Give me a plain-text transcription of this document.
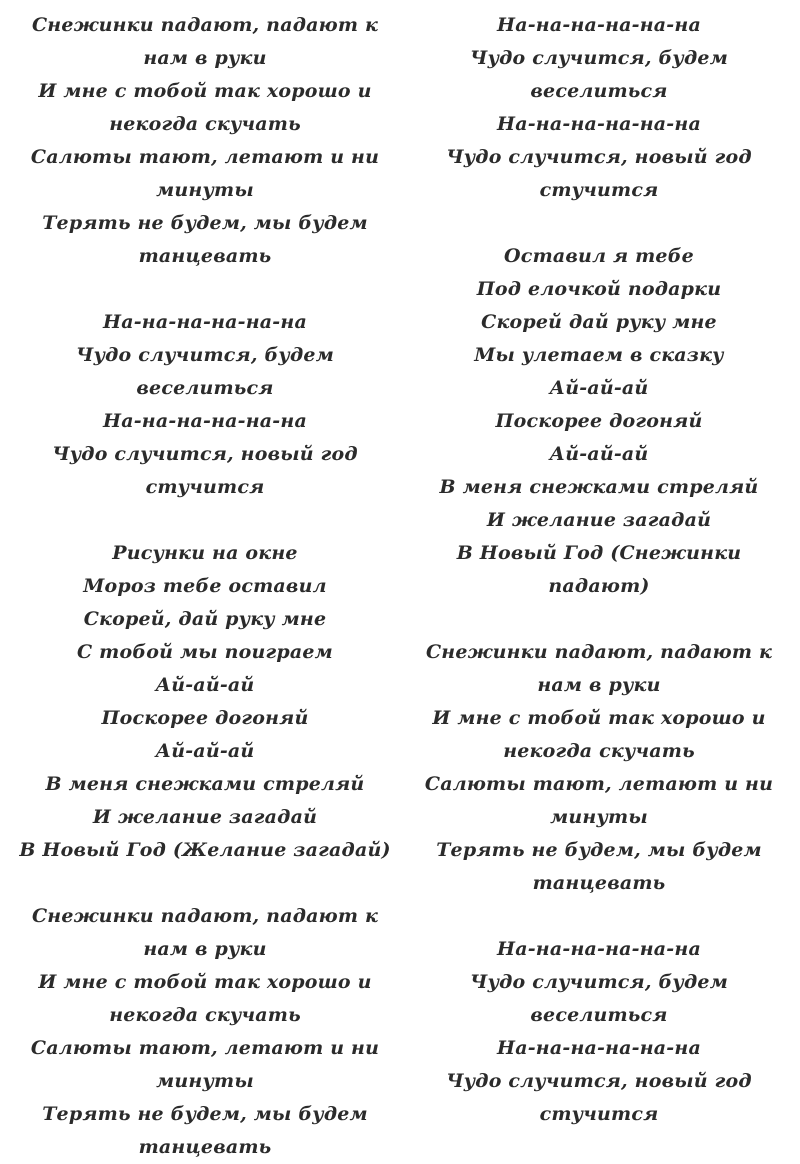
Снежинки падают, падают к нам в руки
И мне с тобой так хорошо и некогда скучать
Салюты тают, летают и ни минуты
Терять не будем, мы будем танцевать
На-на-на-на-на-на
Чудо случится, будем веселиться
На-на-на-на-на-на
Чудо случится, новый год стучится
Рисунки на окне
Мороз тебе оставил
Скорей, дай руку мне
С тобой мы поиграем
Ай-ай-ай
Поскорее догоняй
Ай-ай-ай
В меня снежками стреляй
И желание загадай
В Новый Год (Желание загадай)
Снежинки падают, падают к нам в руки
И мне с тобой так хорошо и некогда скучать
Салюты тают, летают и ни минуты
Терять не будем, мы будем танцевать
На-на-на-на-на-на
Чудо случится, будем веселиться
На-на-на-на-на-на
Чудо случится, новый год стучится
Оставил я тебе
Под елочкой подарки
Скорей дай руку мне
Мы улетаем в сказку
Ай-ай-ай
Поскорее догоняй
Ай-ай-ай
В меня снежками стреляй
И желание загадай
В Новый Год (Снежинки падают)
Снежинки падают, падают к нам в руки
И мне с тобой так хорошо и некогда скучать
Салюты тают, летают и ни минуты
Терять не будем, мы будем танцевать
На-на-на-на-на-на
Чудо случится, будем веселиться
На-на-на-на-на-на
Чудо случится, новый год стучится
